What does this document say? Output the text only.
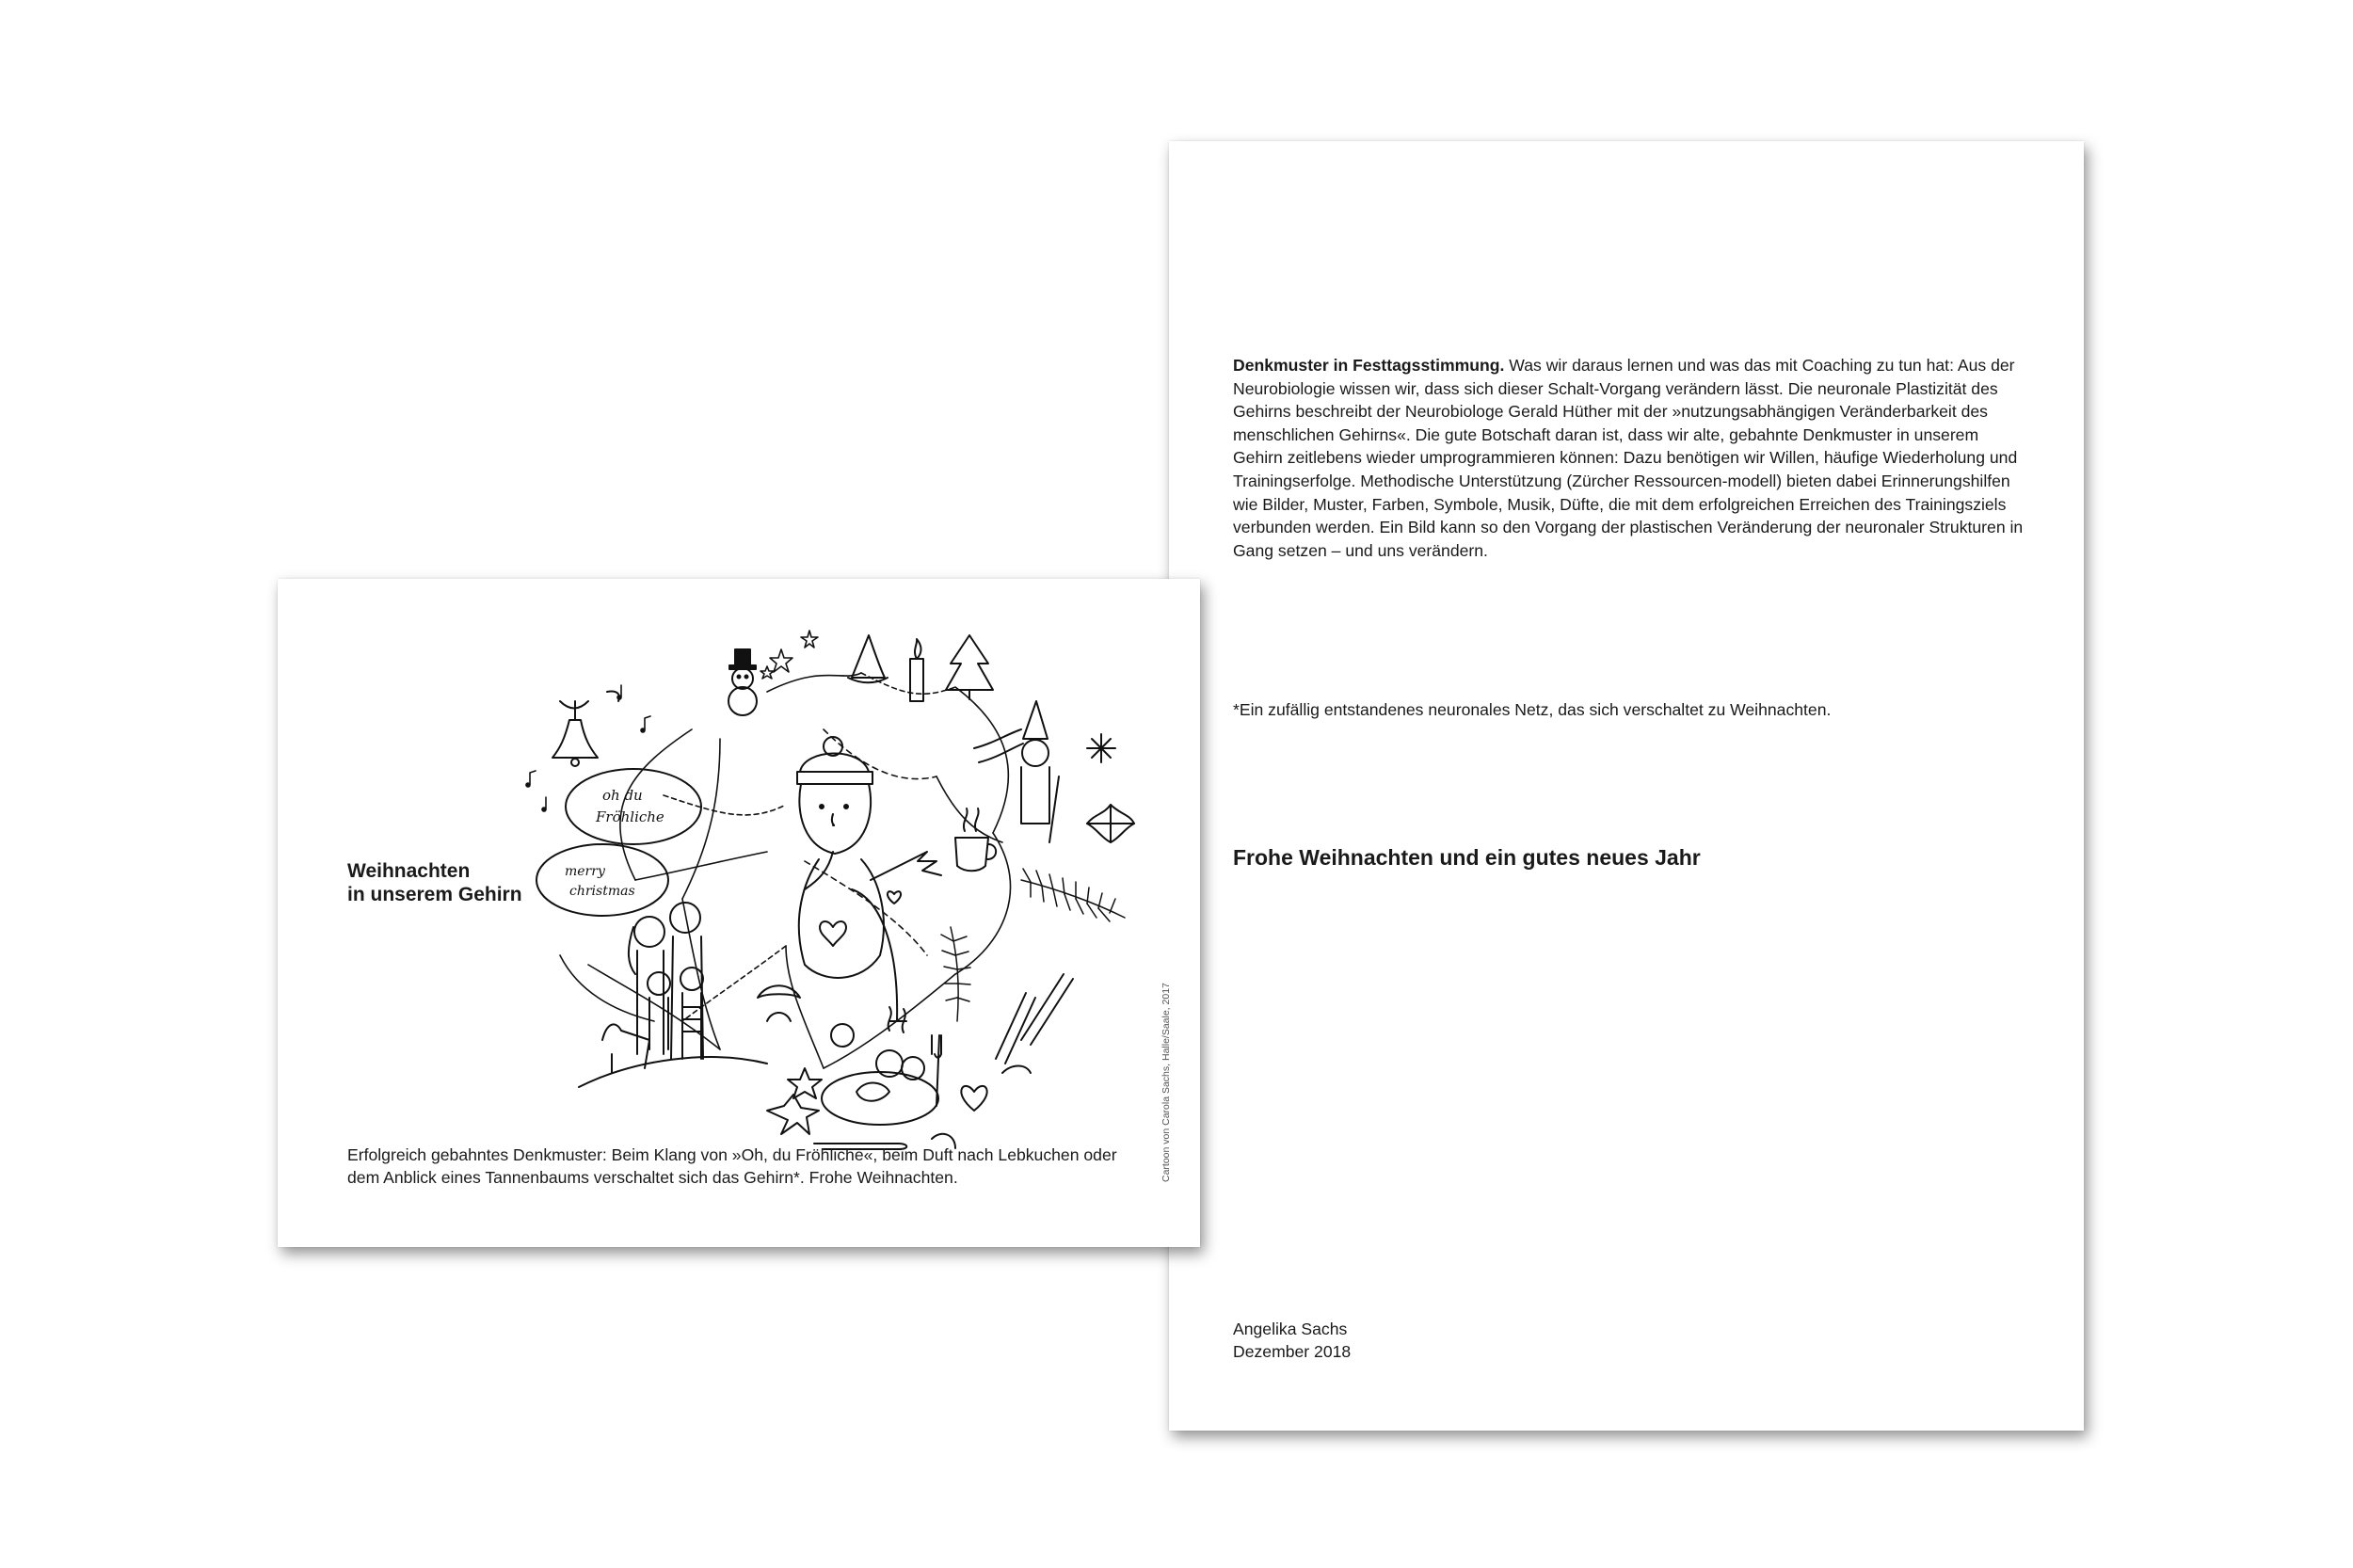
Denkmuster in Festtagsstimmung. Was wir daraus lernen und was das mit Coaching zu tun hat: Aus der Neurobiologie wissen wir, dass sich dieser Schalt-Vorgang verändern lässt. Die neuronale Plastizität des Gehirns beschreibt der Neurobiologe Gerald Hüther mit der »nutzungsabhängigen Veränderbarkeit des menschlichen Gehirns«. Die gute Botschaft daran ist, dass wir alte, gebahnte Denkmuster in unserem Gehirn zeitlebens wieder umprogrammieren können: Dazu benötigen wir Willen, häufige Wiederholung und Trainingserfolge. Methodische Unterstützung (Zürcher Ressourcen-modell) bieten dabei Erinnerungshilfen wie Bilder, Muster, Farben, Symbole, Musik, Düfte, die mit dem erfolgreichen Erreichen des Trainingsziels verbunden werden. Ein Bild kann so den Vorgang der plastischen Veränderung der neuronaler Strukturen in Gang setzen – und uns verändern.

*Ein zufällig entstandenes neuronales Netz, das sich verschaltet zu Weihnachten.

Frohe Weihnachten und ein gutes neues Jahr

Angelika Sachs
Dezember 2018
oh du
Fröhliche
merry
christmas
Weihnachten
in unserem Gehirn

Erfolgreich gebahntes Denkmuster: Beim Klang von »Oh, du Fröhliche«, beim Duft nach Lebkuchen oder dem Anblick eines Tannenbaums verschaltet sich das Gehirn*. Frohe Weihnachten.	Cartoon von Carola Sachs, Halle/Saale, 2017
